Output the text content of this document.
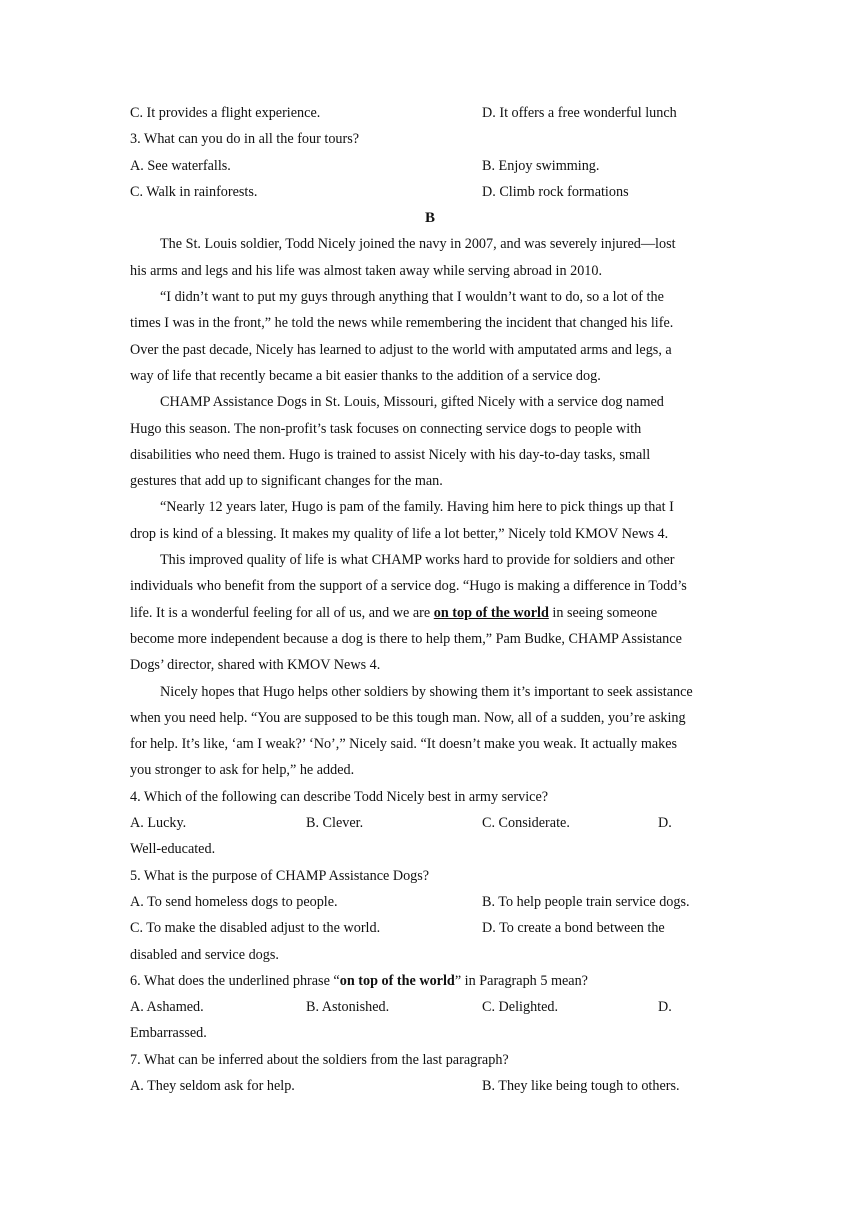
C. It provides a flight experience.	D. It offers a free wonderful lunch
3. What can you do in all the four tours?
A. See waterfalls.	B. Enjoy swimming.
C. Walk in rainforests.	D. Climb rock formations
B
The St. Louis soldier, Todd Nicely joined the navy in 2007, and was severely injured—lost
his arms and legs and his life was almost taken away while serving abroad in 2010.
“I didn’t want to put my guys through anything that I wouldn’t want to do, so a lot of the
times I was in the front,” he told the news while remembering the incident that changed his life.
Over the past decade, Nicely has learned to adjust to the world with amputated arms and legs, a
way of life that recently became a bit easier thanks to the addition of a service dog.
CHAMP Assistance Dogs in St. Louis, Missouri, gifted Nicely with a service dog named
Hugo this season. The non-profit’s task focuses on connecting service dogs to people with
disabilities who need them. Hugo is trained to assist Nicely with his day-to-day tasks, small
gestures that add up to significant changes for the man.
“Nearly 12 years later, Hugo is pam of the family. Having him here to pick things up that I
drop is kind of a blessing. It makes my quality of life a lot better,” Nicely told KMOV News 4.
This improved quality of life is what CHAMP works hard to provide for soldiers and other
individuals who benefit from the support of a service dog. “Hugo is making a difference in Todd’s
life. It is a wonderful feeling for all of us, and we are on top of the world in seeing someone
become more independent because a dog is there to help them,” Pam Budke, CHAMP Assistance
Dogs’ director, shared with KMOV News 4.
Nicely hopes that Hugo helps other soldiers by showing them it’s important to seek assistance
when you need help. “You are supposed to be this tough man. Now, all of a sudden, you’re asking
for help. It’s like, ‘am I weak?’ ‘No’,” Nicely said. “It doesn’t make you weak. It actually makes
you stronger to ask for help,” he added.
4. Which of the following can describe Todd Nicely best in army service?
A. Lucky.	B. Clever.	C. Considerate.	D.
Well-educated.
5. What is the purpose of CHAMP Assistance Dogs?
A. To send homeless dogs to people.	B. To help people train service dogs.
C. To make the disabled adjust to the world.	D. To create a bond between the
disabled and service dogs.
6. What does the underlined phrase “on top of the world” in Paragraph 5 mean?
A. Ashamed.	B. Astonished.	C. Delighted.	D.
Embarrassed.
7. What can be inferred about the soldiers from the last paragraph?
A. They seldom ask for help.	B. They like being tough to others.
